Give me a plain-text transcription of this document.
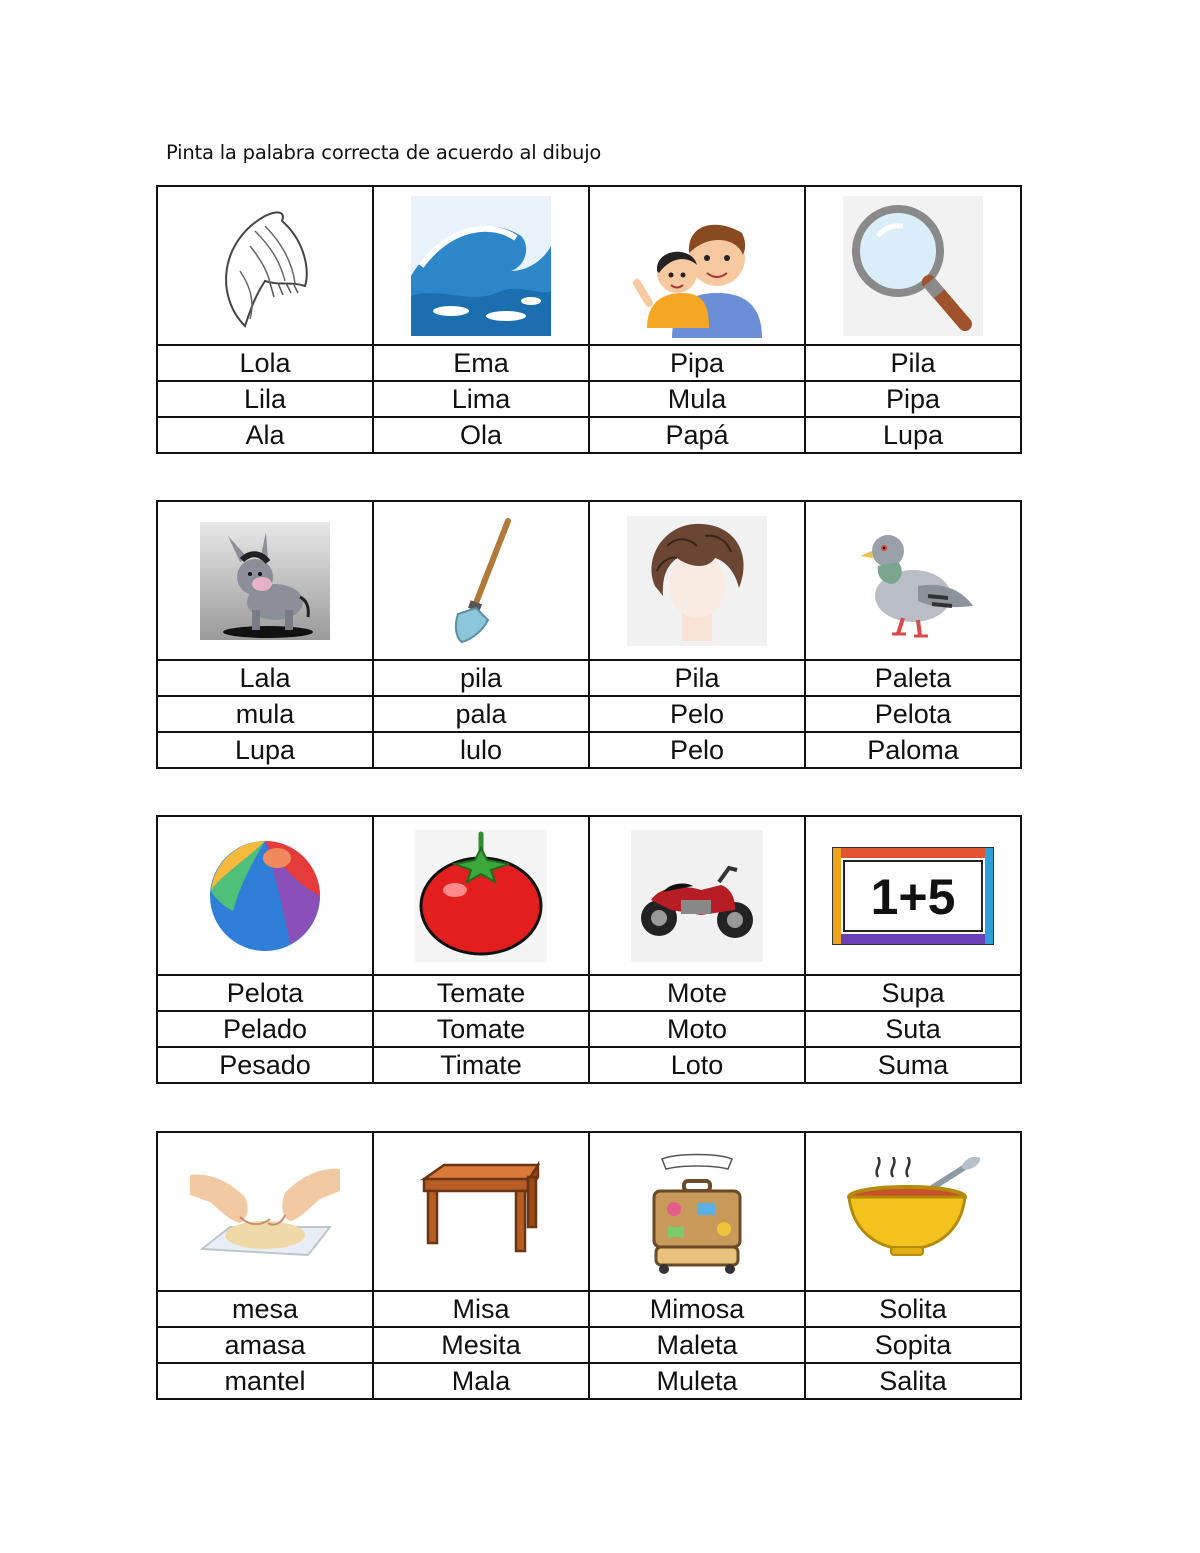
Pinta la palabra correcta de acuerdo al dibujo

Lola	Ema	Pipa	Pila
Lila	Lima	Mula	Pipa
Ala	Ola	Papá	Lupa

Lala	pila	Pila	Paleta
mula	pala	Pelo	Pelota
Lupa	lulo	Pelo	Paloma

1+5

Pelota	Temate	Mote	Supa
Pelado	Tomate	Moto	Suta
Pesado	Timate	Loto	Suma

mesa	Misa	Mimosa	Solita
amasa	Mesita	Maleta	Sopita
mantel	Mala	Muleta	Salita
